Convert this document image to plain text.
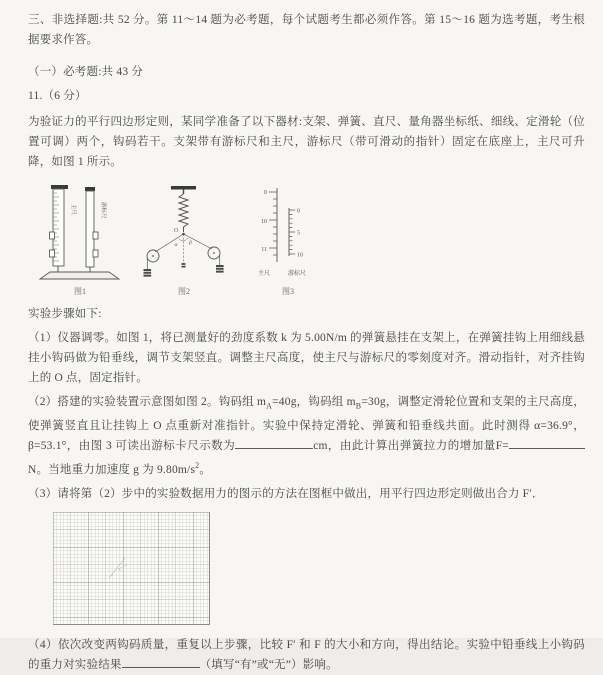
三、非选择题:共 52 分。第 11～14 题为必考题，每个试题考生都必须作答。第 15～16 题为选考题，考生根据要求作答。

（一）必考题:共 43 分

11.（6 分）

为验证力的平行四边形定则，某同学准备了以下器材:支架、弹簧、直尺、量角器坐标纸、细线、定滑轮（位置可调）两个，钩码若干。支架带有游标尺和主尺，游标尺（带可滑动的指针）固定在底座上，主尺可升降，如图 1 所示。

主尺	游标尺
图1
O
α β
图2
0
10
11
0
5
10
主尺	游标尺
图3

实验步骤如下:

（1）仪器调零。如图 1，将已测量好的劲度系数 k 为 5.00N/m 的弹簧悬挂在支架上，在弹簧挂钩上用细线悬挂小钩码做为铅垂线，调节支架竖直。调整主尺高度，使主尺与游标尺的零刻度对齐。滑动指针，对齐挂钩上的 O 点，固定指针。

（2）搭建的实验装置示意图如图 2。钩码组 $m_A=40g$，钩码组 $m_B=30g$，调整定滑轮位置和支架的主尺高度，使弹簧竖直且让挂钩上 O 点重新对准指针。实验中保持定滑轮、弹簧和铅垂线共面。此时测得 α=36.9°，β=53.1°，由图 3 可读出游标卡尺示数为	cm，由此计算出弹簧拉力的增加量F=N。当地重力加速度 g 为 $9.80m/s^2$。

（3）请将第（2）步中的实验数据用力的图示的方法在图框中做出，用平行四边形定则做出合力 F′．

（4）依次改变两钩码质量，重复以上步骤，比较 F′ 和 F 的大小和方向，得出结论。实验中铅垂线上小钩码的重力对实验结果	（填写“有”或“无”）影响。
